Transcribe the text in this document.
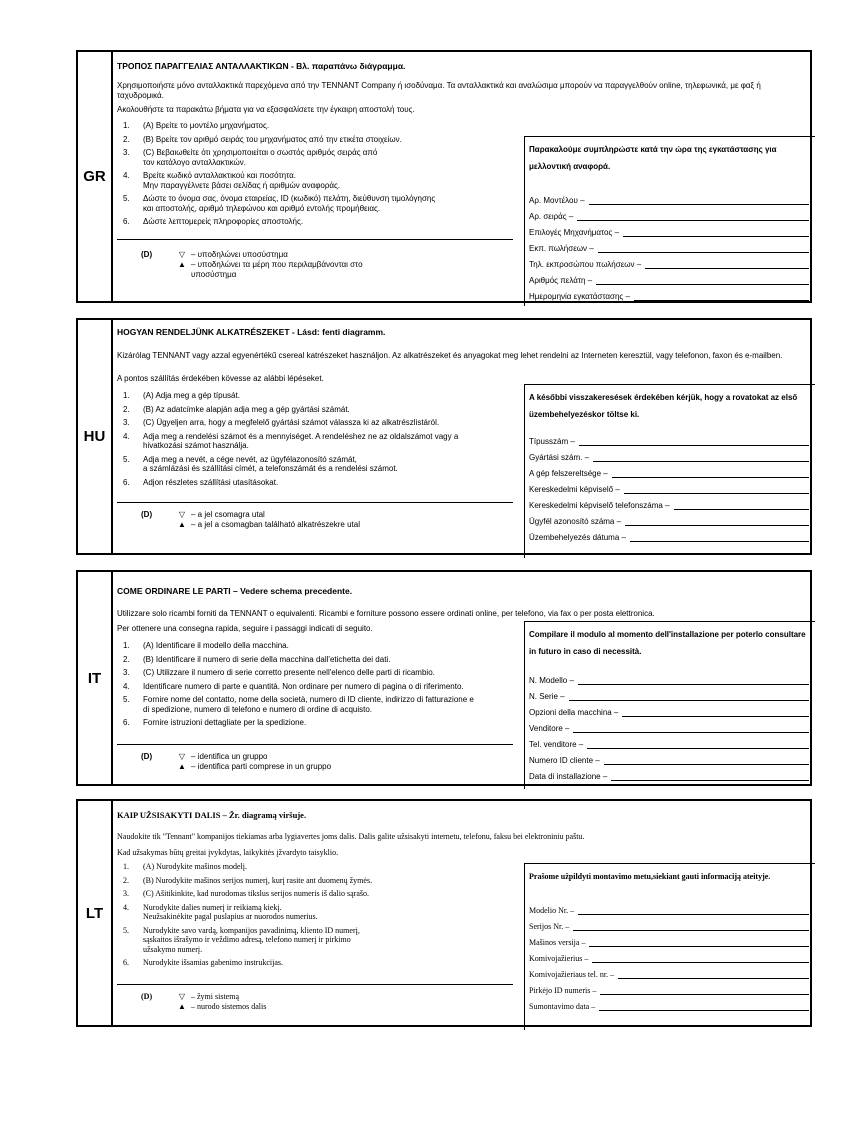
GR
ΤΡΟΠΟΣ ΠΑΡΑΓΓΕΛΙΑΣ ΑΝΤΑΛΛΑΚΤΙΚΩΝ - Βλ. παραπάνω διάγραμμα.
Χρησιμοποιήστε μόνο ανταλλακτικά παρεχόμενα από την TENNANT Company ή ισοδύναμα. Τα ανταλλακτικά και αναλώσιμα μπορούν να παραγγελθούν online, τηλεφωνικά, με φαξ ή ταχυδρομικά.
Ακολουθήστε τα παρακάτω βήματα για να εξασφαλίσετε την έγκαιρη αποστολή τους.
1.	(A) Βρείτε το μοντέλο μηχανήματος.
2.	(B) Βρείτε τον αριθμό σειράς του μηχανήματος από την ετικέτα στοιχείων.
3.	(C) Βεβαιωθείτε ότι χρησιμοποιείται ο σωστός αριθμός σειράς από
τον κατάλογο ανταλλακτικών.
4.	Βρείτε κωδικό ανταλλακτικού και ποσότητα.
Μην παραγγέλνετε βάσει σελίδας ή αριθμών αναφοράς.
5.	Δώστε το όνομα σας, όνομα εταιρείας, ID (κωδικό) πελάτη, διεύθυνση τιμολόγησης
και αποστολής, αριθμό τηλεφώνου και αριθμό εντολής προμήθειας.
6.	Δώστε λεπτομερείς πληροφορίες αποστολής.
(D)	▽ – υποδηλώνει υποσύστημα
▲ – υποδηλώνει τα μέρη που περιλαμβάνονται στο
υποσύστημα
Παρακαλούμε συμπληρώστε κατά την ώρα της εγκατάστασης για μελλοντική αναφορά.
Αρ. Μοντέλου –
Αρ. σειράς –
Επιλογές Μηχανήματος –
Εκπ. πωλήσεων –
Τηλ. εκπροσώπου πωλήσεων –
Αριθμός πελάτη –
Ημερομηνία εγκατάστασης –
HU
HOGYAN RENDELJÜNK ALKATRÉSZEKET - Lásd: fenti diagramm.
Kizárólag TENNANT vagy azzal egyenértékű csereal katrészeket használjon. Az alkatrészeket és anyagokat meg lehet rendelni az Interneten keresztül, vagy telefonon, faxon és e-mailben.
A pontos szállítás érdekében kövesse az alábbi lépéseket.
1.	(A) Adja meg a gép típusát.
2.	(B) Az adatcímke alapján adja meg a gép gyártási számát.
3.	(C) Ügyeljen arra, hogy a megfelelő gyártási számot válassza ki az alkatrészlistáról.
4.	Adja meg a rendelési számot és a mennyiséget. A rendeléshez ne az oldalszámot vagy a
hivatkozási számot használja.
5.	Adja meg a nevét, a cége nevét, az ügyfélazonosító számát,
a számlázási és szállítási címét, a telefonszámát és a rendelési számot.
6.	Adjon részletes szállítási utasításokat.
(D)	▽ – a jel csomagra utal
▲ – a jel a csomagban található alkatrészekre utal
A későbbi visszakeresések érdekében kérjük, hogy a rovatokat az első üzembehelyezéskor töltse ki.
Típusszám –
Gyártási szám. –
A gép felszereltsége –
Kereskedelmi képviselő –
Kereskedelmi képviselő telefonszáma –
Ügyfél azonosító száma –
Üzembehelyezés dátuma –
IT
COME ORDINARE LE PARTI – Vedere schema precedente.
Utilizzare solo ricambi forniti da TENNANT o equivalenti. Ricambi e forniture possono essere ordinati online, per telefono, via fax o per posta elettronica.
Per ottenere una consegna rapida, seguire i passaggi indicati di seguito.
1.	(A) Identificare il modello della macchina.
2.	(B) Identificare il numero di serie della macchina dall'etichetta dei dati.
3.	(C) Utilizzare il numero di serie corretto presente nell'elenco delle parti di ricambio.
4.	Identificare numero di parte e quantità. Non ordinare per numero di pagina o di riferimento.
5.	Fornire nome del contatto, nome della società, numero di ID cliente, indirizzo di fatturazione e
di spedizione, numero di telefono e numero di ordine di acquisto.
6.	Fornire istruzioni dettagliate per la spedizione.
(D)	▽ – identifica un gruppo
▲ – identifica parti comprese in un gruppo
Compilare il modulo al momento dell'installazione per poterlo consultare in futuro in caso di necessità.
N. Modello –
N. Serie –
Opzioni della macchina –
Venditore –
Tel. venditore –
Numero ID cliente –
Data di installazione –
LT
KAIP UŽSISAKYTI DALIS – Žr. diagramą viršuje.
Naudokite tik "Tennant" kompanijos tiekiamas arba lygiavertes joms dalis. Dalis galite užsisakyti internetu, telefonu, faksu bei elektroniniu paštu.
Kad užsakymas būtų greitai įvykdytas, laikykitės įžvardyto taisyklio.
1.	(A) Nurodykite mašinos modelį.
2.	(B) Nurodykite mašinos serijos numerį, kurį rasite ant duomenų žymės.
3.	(C) Ašitikinkite, kad nurodomas tikslus serijos numeris iš dalio sąrašo.
4.	Nurodykite dalies numerį ir reikiamą kiekį.
Neužsakinėkite pagal puslapius ar nuorodos numerius.
5.	Nurodykite savo vardą, kompanijos pavadinimą, kliento ID numerį,
sąskaitos išrašymo ir veždimo adresą, telefono numerį ir pirkimo
užsakymo numerį.
6.	Nurodykite išsamias gabenimo instrukcijas.
(D)	▽ – žymi sistemą
▲ – nurodo sistemos dalis
Prašome užpildyti montavimo metu,siekiant gauti informaciją ateityje.
Modelio Nr. –
Serijos Nr. –
Mašinos versija –
Komivojažierius –
Komivojažieriaus tel. nr. –
Pirkėjo ID numeris –
Sumontavimo data –
